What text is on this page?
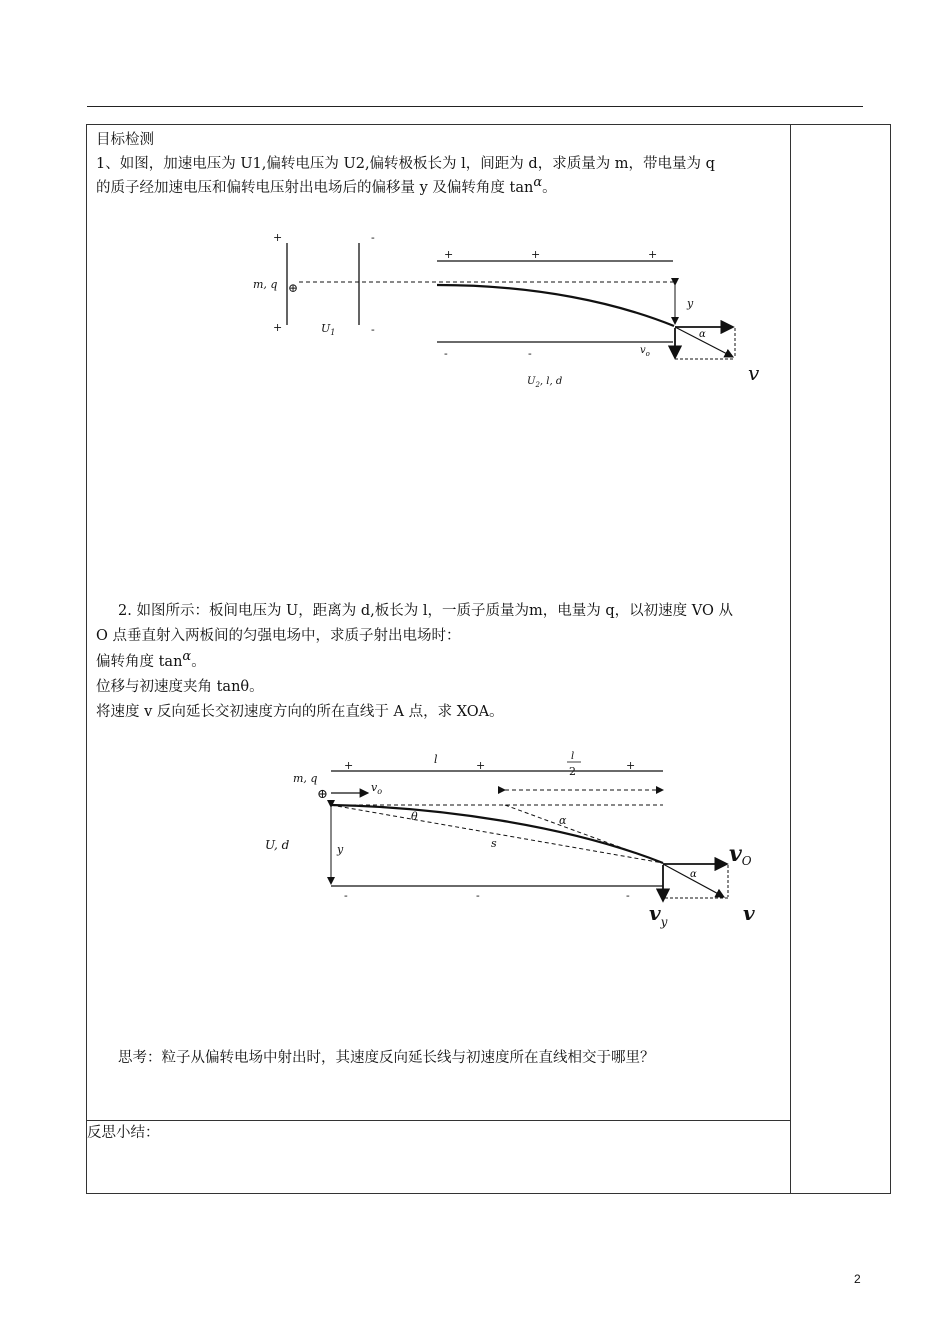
目标检测
1、如图，加速电压为 U1,偏转电压为 U2,偏转极板长为 l，间距为 d，求质量为 m，带电量为 q
的质子经加速电压和偏转电压射出电场后的偏移量 y 及偏转角度 tanα。
+	-
+	-
m, q ⊕
$U_1$
+	+	+
-	-
y
α
$v_o$
v
$U_2$, l, d
2. 如图所示：板间电压为 U，距离为 d,板长为 l，一质子质量为m，电量为 q，以初速度 VO 从
O 点垂直射入两板间的匀强电场中，求质子射出电场时：
偏转角度 tanα。
位移与初速度夹角 tanθ。
将速度 v 反向延长交初速度方向的所在直线于 A 点，求 XOA。
+	+	+
l	l
2
m, q
⊕	$v_o$
θ	α
s
y
U, d
-	-	-
α
vO
$v_y$	v
思考：粒子从偏转电场中射出时，其速度反向延长线与初速度所在直线相交于哪里？

反思小结：
2
